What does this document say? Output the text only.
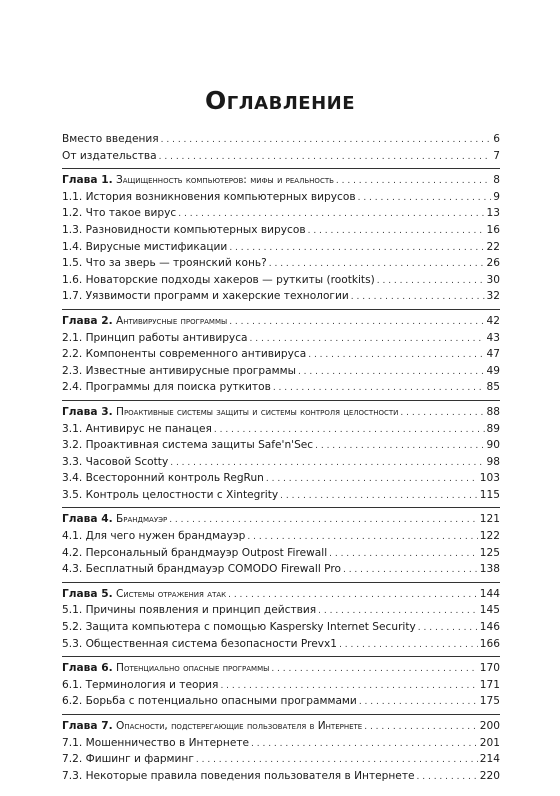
Оглавление
Вместо введения . . .	6
От издательства . . .	7
Глава 1. Защищенность компьютеров: мифы и реальность . . .	8
1.1. История возникновения компьютерных вирусов . . .	9
1.2. Что такое вирус . . .	13
1.3. Разновидности компьютерных вирусов . . .	16
1.4. Вирусные мистификации . . .	22
1.5. Что за зверь — троянский конь? . . .	26
1.6. Новаторские подходы хакеров — руткиты (rootkits) . . .	30
1.7. Уязвимости программ и хакерские технологии . . .	32
Глава 2. Антивирусные программы . . .	42
2.1. Принцип работы антивируса . . .	43
2.2. Компоненты современного антивируса . . .	47
2.3. Известные антивирусные программы . . .	49
2.4. Программы для поиска руткитов . . .	85
Глава 3. Проактивные системы защиты и системы контроля целостности . . .	88
3.1. Антивирус не панацея . . .	89
3.2. Проактивная система защиты Safe'n'Sec . . .	90
3.3. Часовой Scotty . . .	98
3.4. Всесторонний контроль RegRun . . .	103
3.5. Контроль целостности с Xintegrity . . .	115
Глава 4. Брандмауэр . . .	121
4.1. Для чего нужен брандмауэр . . .	122
4.2. Персональный брандмауэр Outpost Firewall . . .	125
4.3. Бесплатный брандмауэр COMODO Firewall Pro . . .	138
Глава 5. Системы отражения атак . . .	144
5.1. Причины появления и принцип действия . . .	145
5.2. Защита компьютера с помощью Kaspersky Internet Security . . .	146
5.3. Общественная система безопасности Prevx1 . . .	166
Глава 6. Потенциально опасные программы . . .	170
6.1. Терминология и теория . . .	171
6.2. Борьба с потенциально опасными программами . . .	175
Глава 7. Опасности, подстерегающие пользователя в Интернете . . .	200
7.1. Мошенничество в Интернете . . .	201
7.2. Фишинг и фарминг . . .	214
7.3. Некоторые правила поведения пользователя в Интернете . . .	220
